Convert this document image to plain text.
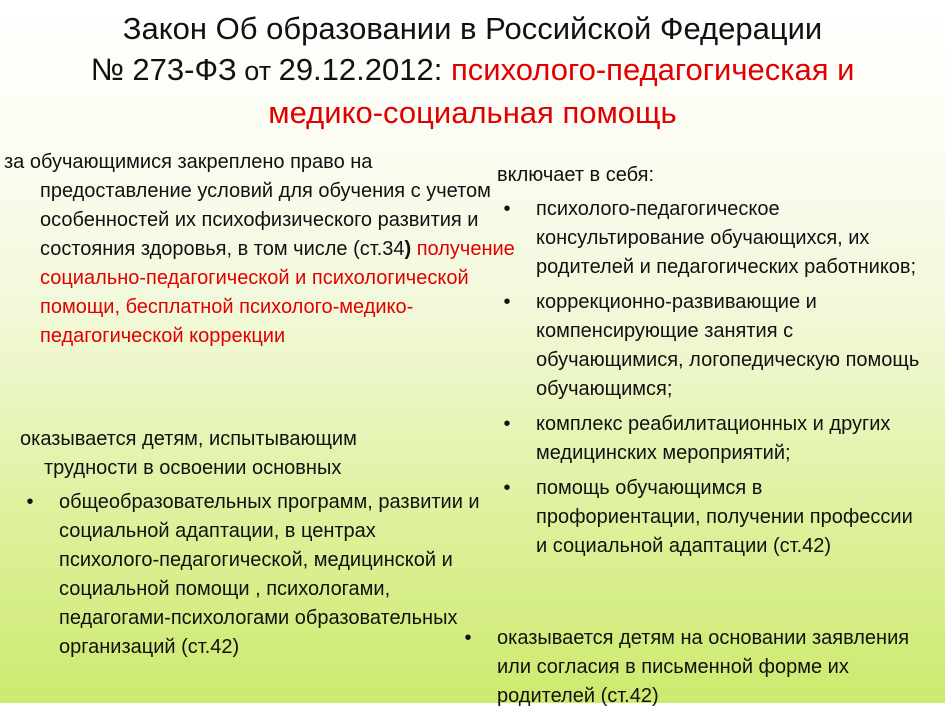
Закон Об образовании в Российской Федерации
№ 273-ФЗ от 29.12.2012: психолого-педагогическая и
медико-социальная помощь

за обучающимися закреплено право на предоставление условий для обучения с учетом особенностей их психофизического развития и состояния здоровья, в том числе (ст.34) получение социально-педагогической и психологической помощи, бесплатной психолого-медико-педагогической коррекции

оказывается детям, испытывающим трудности в освоении основных

•	общеобразовательных программ, развитии и социальной адаптации, в центрах психолого-педагогической, медицинской и социальной помощи , психологами, педагогами-психологами образовательных организаций (ст.42)

включает в себя:

•	психолого-педагогическое консультирование обучающихся, их родителей и педагогических работников;
•	коррекционно-развивающие и компенсирующие занятия с обучающимися, логопедическую помощь обучающимся;
•	комплекс реабилитационных и других медицинских мероприятий;
•	помощь обучающимся в профориентации, получении профессии и социальной адаптации (ст.42)
•	оказывается детям на основании заявления или согласия в письменной форме их родителей (ст.42)
